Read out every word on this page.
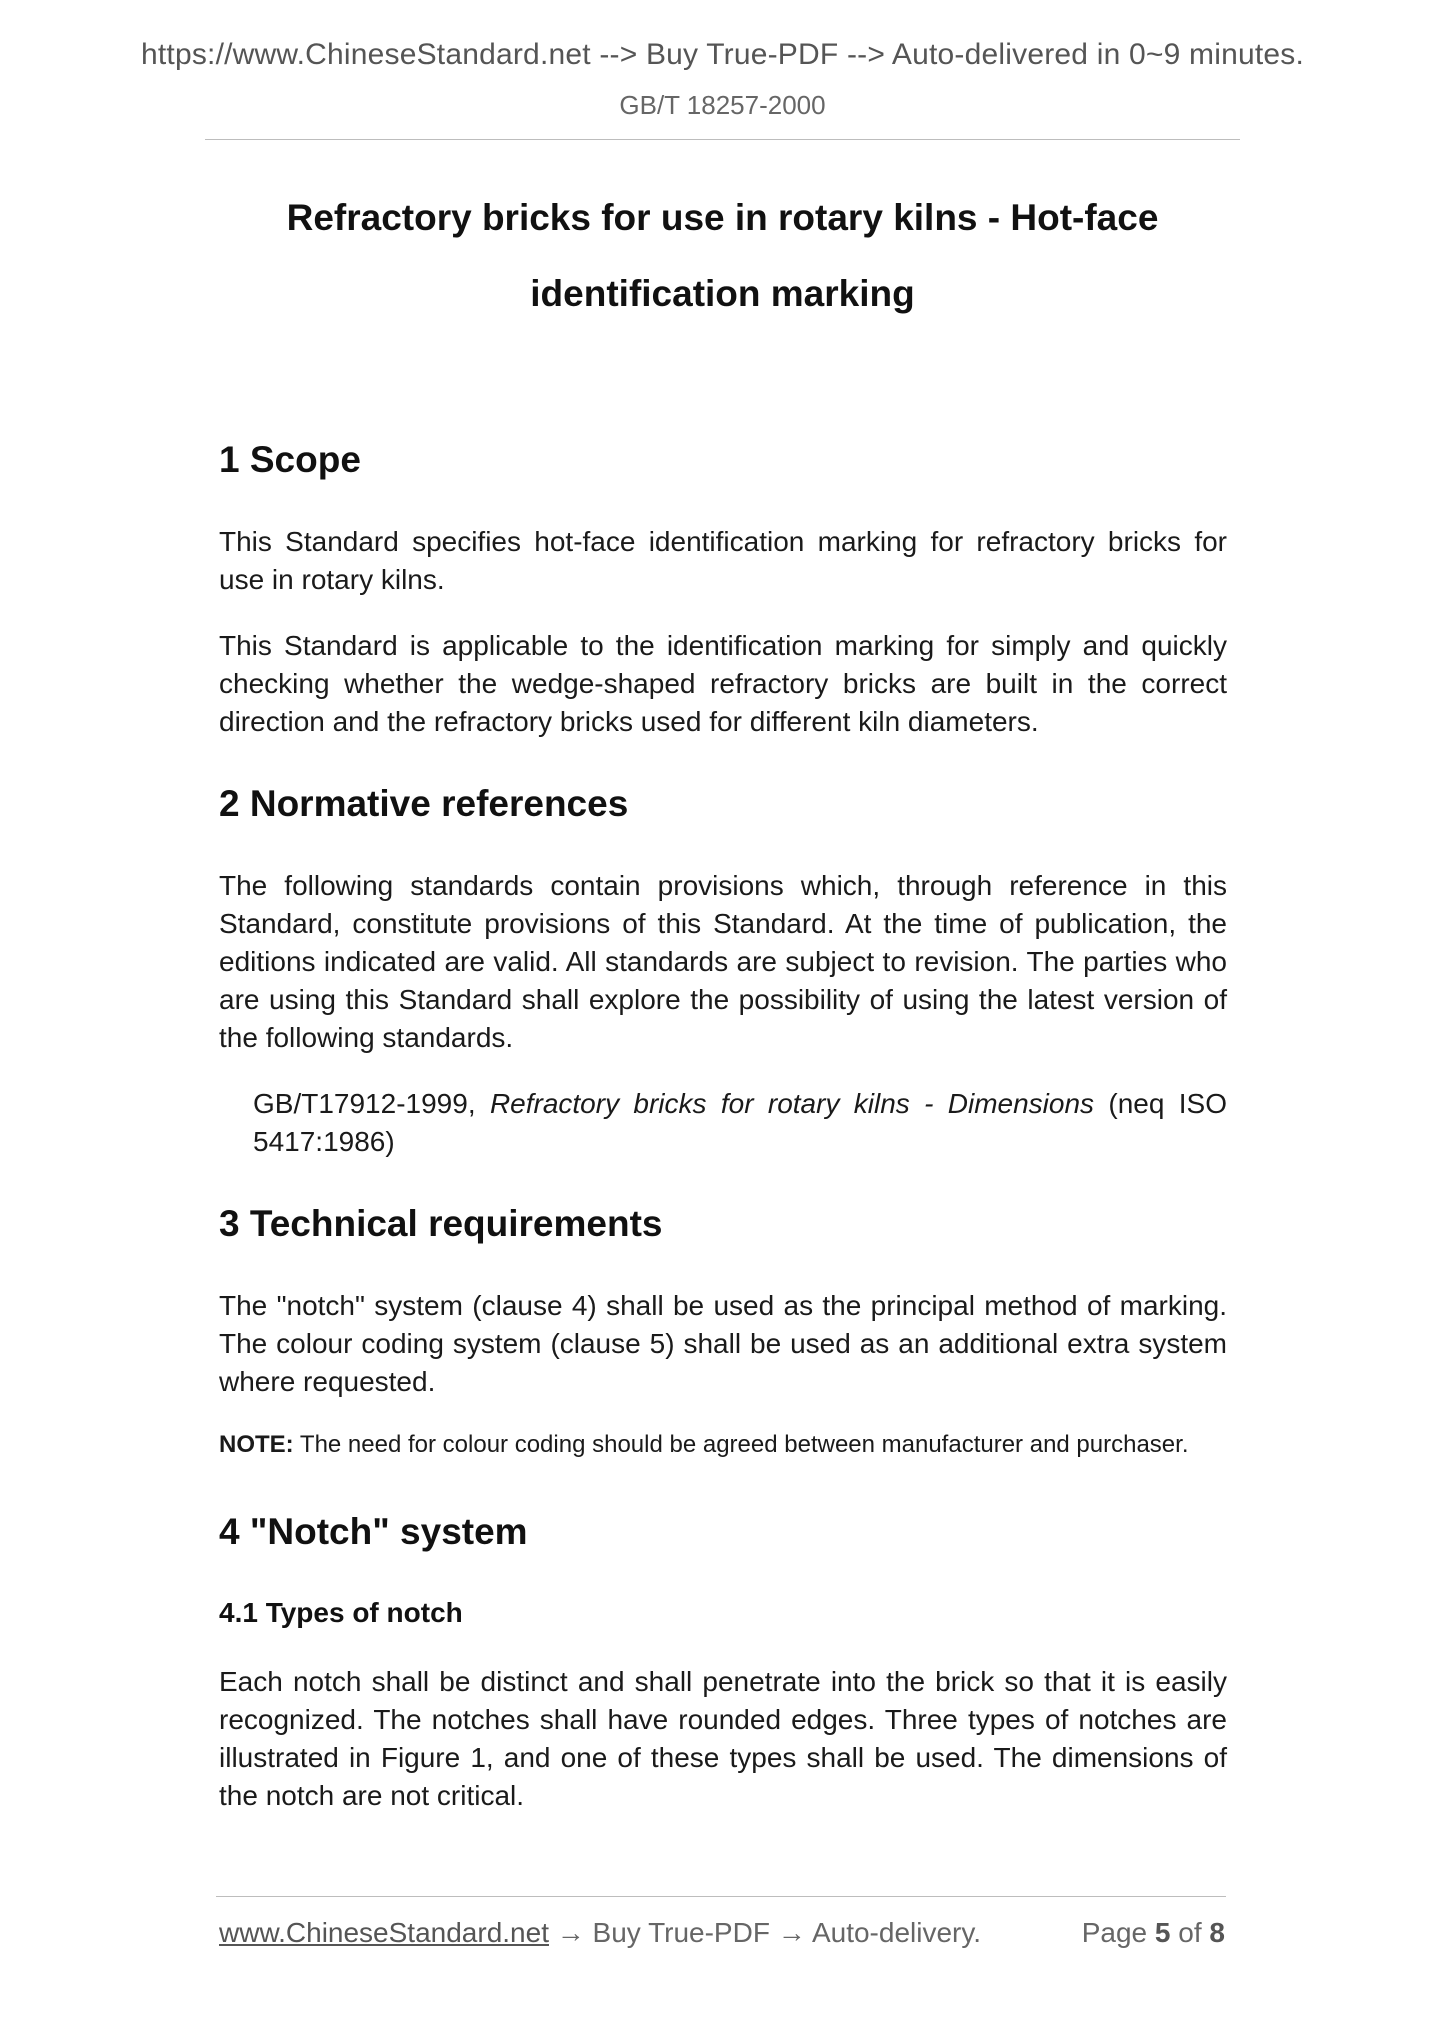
https://www.ChineseStandard.net --> Buy True-PDF --> Auto-delivered in 0~9 minutes.
GB/T 18257-2000
Refractory bricks for use in rotary kilns - Hot-face
identification marking
1 Scope

This Standard specifies hot-face identification marking for refractory bricks for use in rotary kilns.

This Standard is applicable to the identification marking for simply and quickly checking whether the wedge-shaped refractory bricks are built in the correct direction and the refractory bricks used for different kiln diameters.

2 Normative references

The following standards contain provisions which, through reference in this Standard, constitute provisions of this Standard. At the time of publication, the editions indicated are valid. All standards are subject to revision. The parties who are using this Standard shall explore the possibility of using the latest version of the following standards.

GB/T17912-1999, Refractory bricks for rotary kilns - Dimensions (neq ISO 5417:1986)

3 Technical requirements

The "notch" system (clause 4) shall be used as the principal method of marking. The colour coding system (clause 5) shall be used as an additional extra system where requested.

NOTE: The need for colour coding should be agreed between manufacturer and purchaser.

4 "Notch" system
4.1 Types of notch

Each notch shall be distinct and shall penetrate into the brick so that it is easily recognized. The notches shall have rounded edges. Three types of notches are illustrated in Figure 1, and one of these types shall be used. The dimensions of the notch are not critical.

www.ChineseStandard.net → Buy True-PDF → Auto-delivery.	Page 5 of 8
